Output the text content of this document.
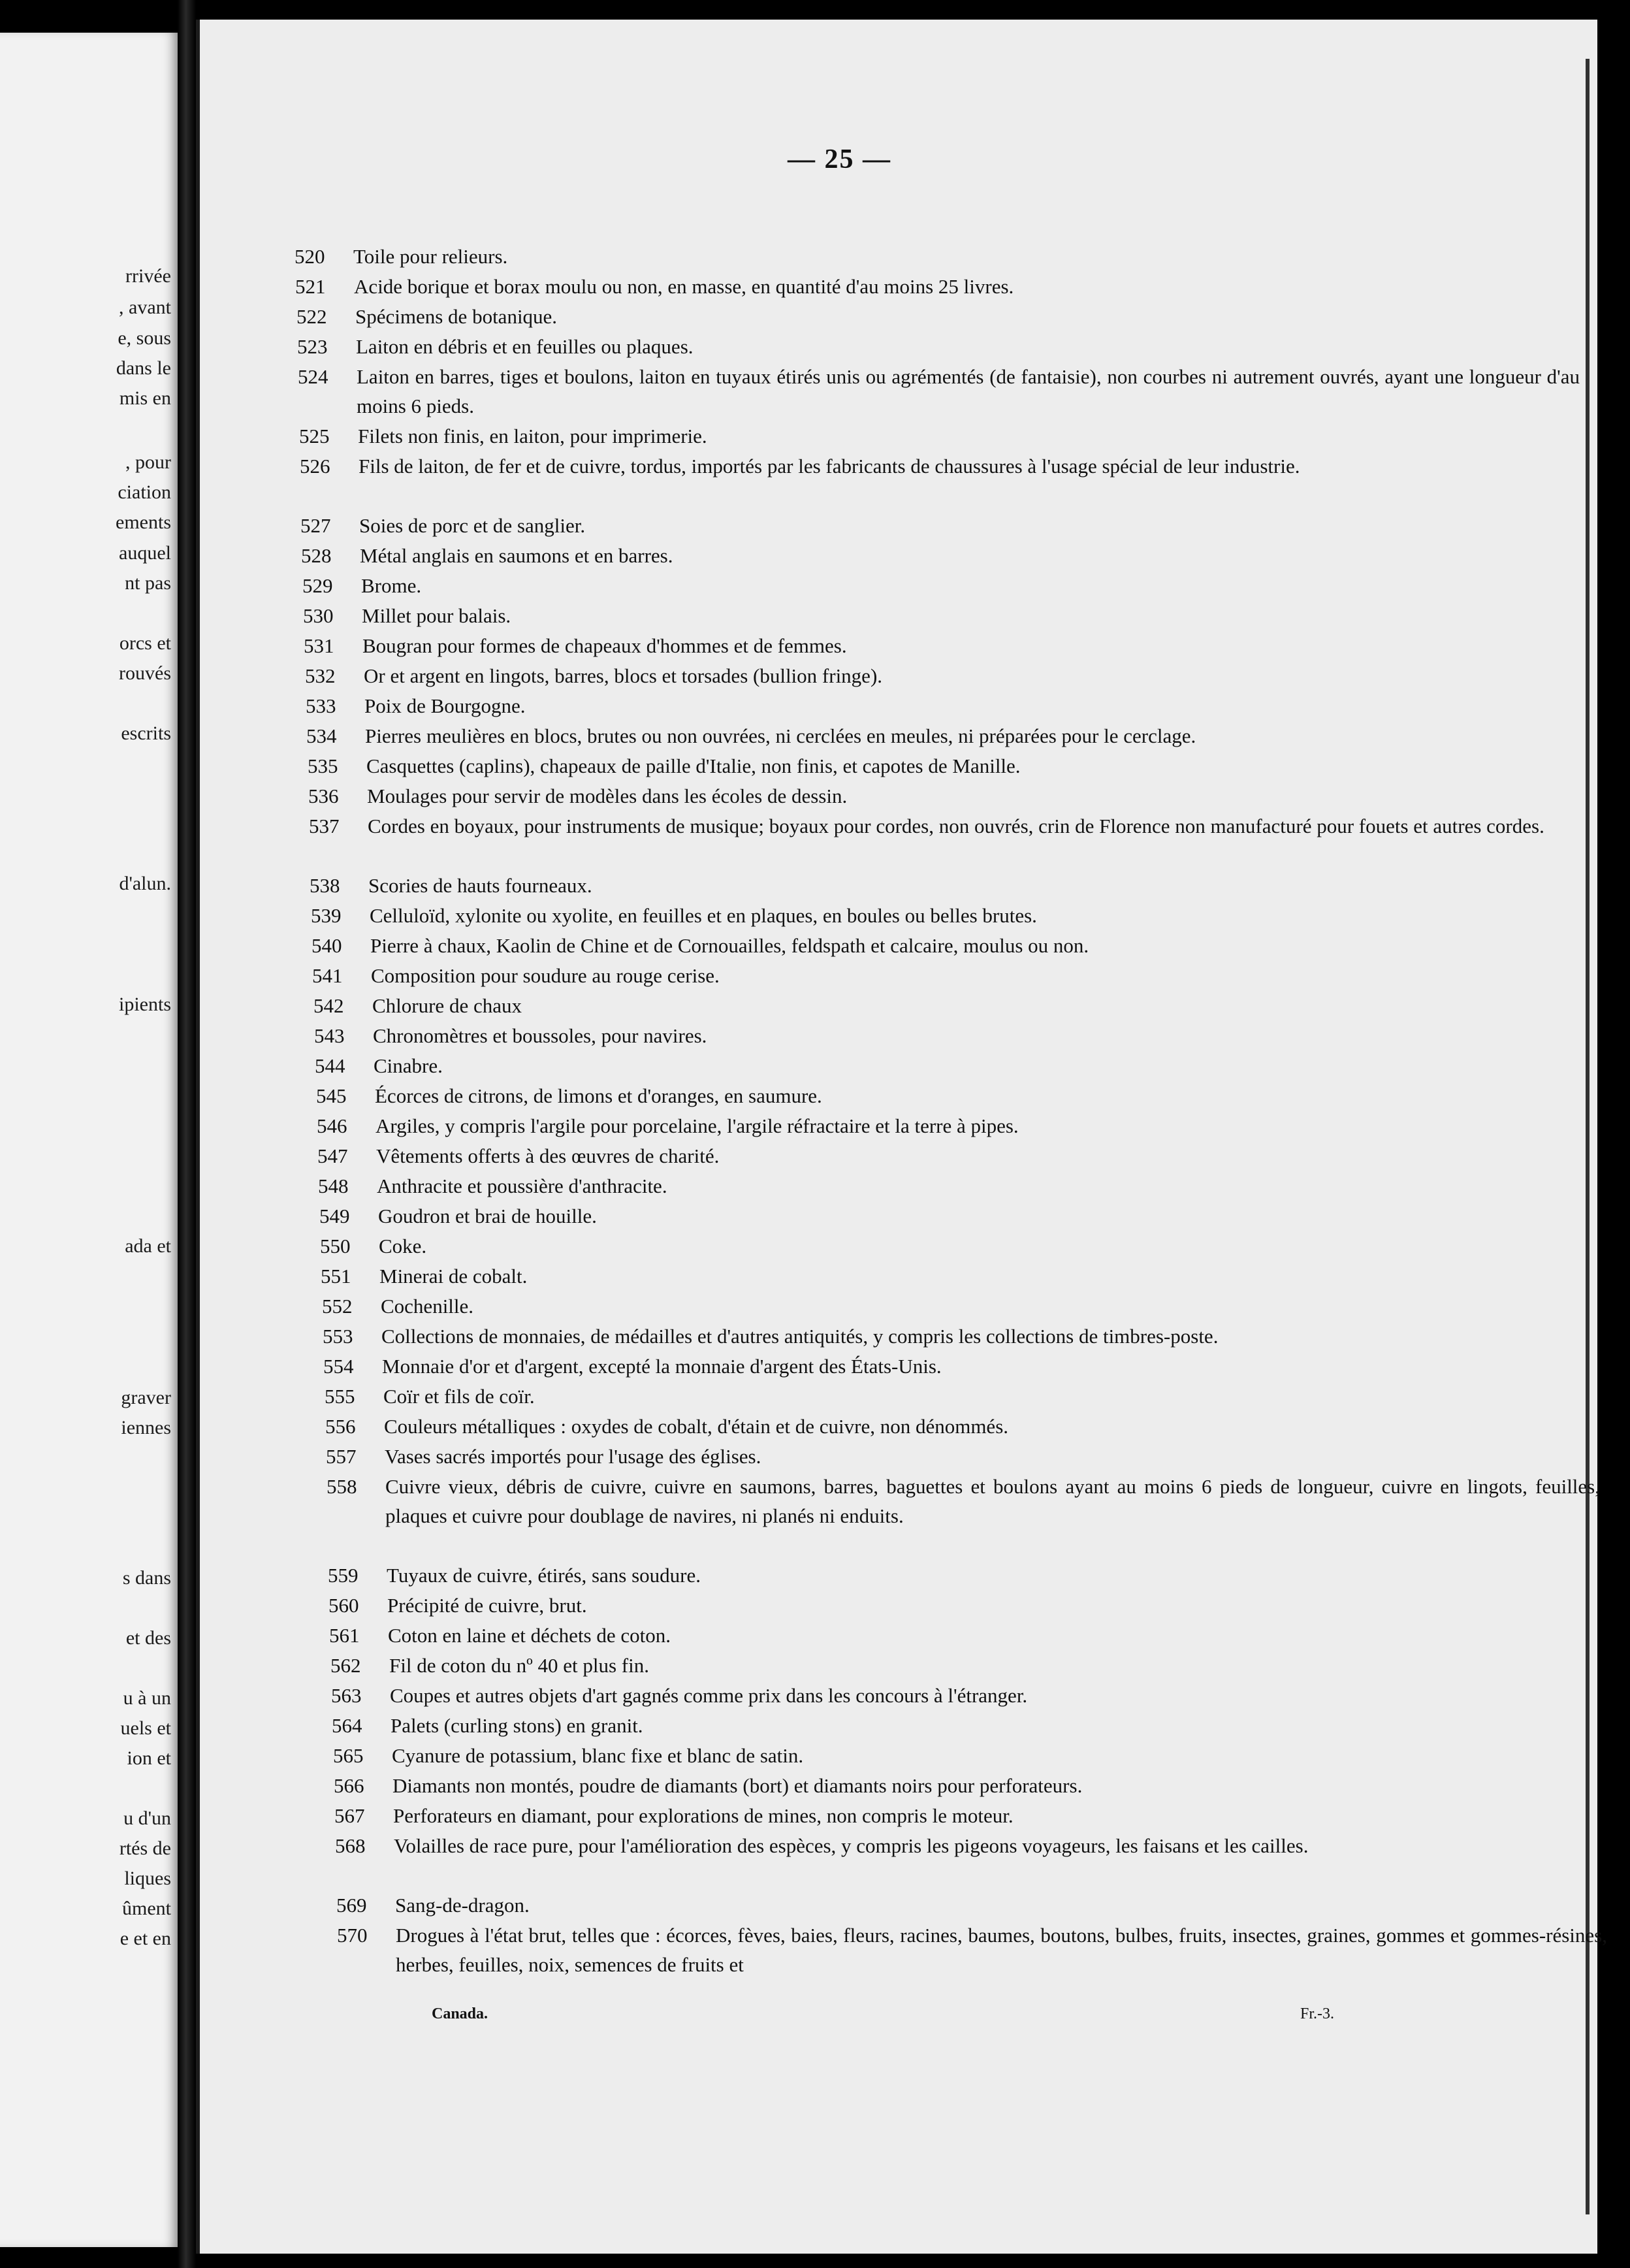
rrivée
, avant
e, sous
dans le
mis en
, pour
ciation
ements
auquel
nt pas
orcs et
rouvés
escrits
d'alun.
ipients
ada et
graver
iennes
s dans
et des
u à un
uels et
ion et
u d'un
rtés de
liques
ûment
e et en
— 25 —
520	Toile pour relieurs.
521	Acide borique et borax moulu ou non, en masse, en quantité d'au moins 25 livres.
522	Spécimens de botanique.
523	Laiton en débris et en feuilles ou plaques.
524	Laiton en barres, tiges et boulons, laiton en tuyaux étirés unis ou agrémentés (de fantaisie), non courbes ni autrement ouvrés, ayant une longueur d'au moins 6 pieds.
525	Filets non finis, en laiton, pour imprimerie.
526	Fils de laiton, de fer et de cuivre, tordus, importés par les fabricants de chaussures à l'usage spécial de leur industrie.
527	Soies de porc et de sanglier.
528	Métal anglais en saumons et en barres.
529	Brome.
530	Millet pour balais.
531	Bougran pour formes de chapeaux d'hommes et de femmes.
532	Or et argent en lingots, barres, blocs et torsades (bullion fringe).
533	Poix de Bourgogne.
534	Pierres meulières en blocs, brutes ou non ouvrées, ni cerclées en meules, ni préparées pour le cerclage.
535	Casquettes (caplins), chapeaux de paille d'Italie, non finis, et capotes de Manille.
536	Moulages pour servir de modèles dans les écoles de dessin.
537	Cordes en boyaux, pour instruments de musique; boyaux pour cordes, non ouvrés, crin de Florence non manufacturé pour fouets et autres cordes.
538	Scories de hauts fourneaux.
539	Celluloïd, xylonite ou xyolite, en feuilles et en plaques, en boules ou belles brutes.
540	Pierre à chaux, Kaolin de Chine et de Cornouailles, feldspath et calcaire, moulus ou non.
541	Composition pour soudure au rouge cerise.
542	Chlorure de chaux
543	Chronomètres et boussoles, pour navires.
544	Cinabre.
545	Écorces de citrons, de limons et d'oranges, en saumure.
546	Argiles, y compris l'argile pour porcelaine, l'argile réfractaire et la terre à pipes.
547	Vêtements offerts à des œuvres de charité.
548	Anthracite et poussière d'anthracite.
549	Goudron et brai de houille.
550	Coke.
551	Minerai de cobalt.
552	Cochenille.
553	Collections de monnaies, de médailles et d'autres antiquités, y compris les collections de timbres-poste.
554	Monnaie d'or et d'argent, excepté la monnaie d'argent des États-Unis.
555	Coïr et fils de coïr.
556	Couleurs métalliques : oxydes de cobalt, d'étain et de cuivre, non dénommés.
557	Vases sacrés importés pour l'usage des églises.
558	Cuivre vieux, débris de cuivre, cuivre en saumons, barres, baguettes et boulons ayant au moins 6 pieds de longueur, cuivre en lingots, feuilles, plaques et cuivre pour doublage de navires, ni planés ni enduits.
559	Tuyaux de cuivre, étirés, sans soudure.
560	Précipité de cuivre, brut.
561	Coton en laine et déchets de coton.
562	Fil de coton du nº 40 et plus fin.
563	Coupes et autres objets d'art gagnés comme prix dans les concours à l'étranger.
564	Palets (curling stons) en granit.
565	Cyanure de potassium, blanc fixe et blanc de satin.
566	Diamants non montés, poudre de diamants (bort) et diamants noirs pour perforateurs.
567	Perforateurs en diamant, pour explorations de mines, non compris le moteur.
568	Volailles de race pure, pour l'amélioration des espèces, y compris les pigeons voyageurs, les faisans et les cailles.
569	Sang-de-dragon.
570	Drogues à l'état brut, telles que : écorces, fèves, baies, fleurs, racines, baumes, boutons, bulbes, fruits, insectes, graines, gommes et gommes-résines, herbes, feuilles, noix, semences de fruits et
Canada.	Fr.-3.
